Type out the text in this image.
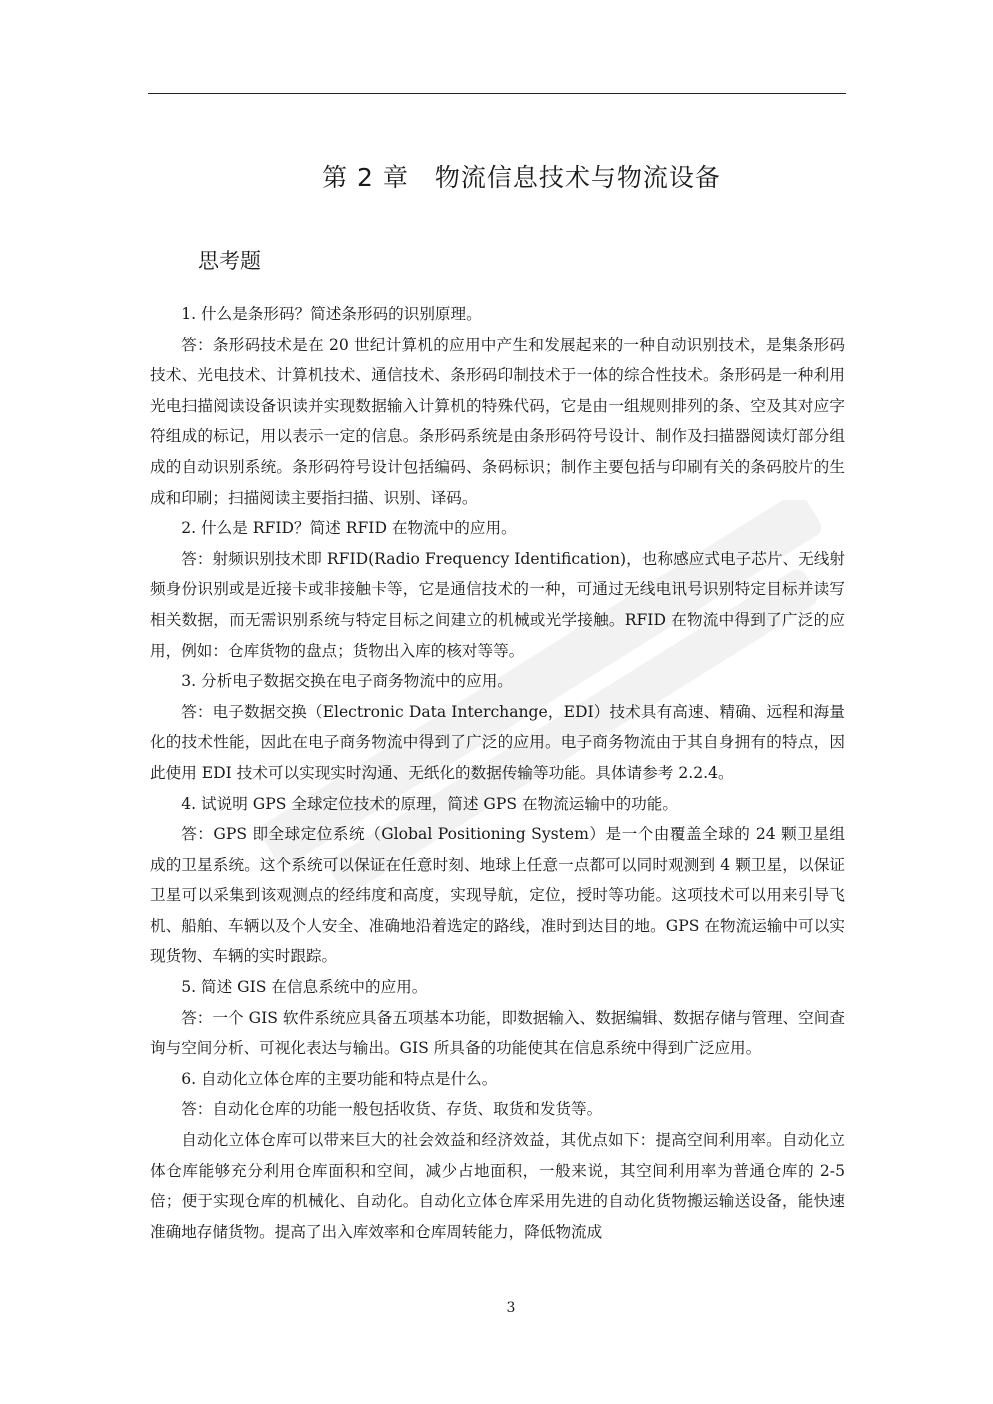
第 2 章　物流信息技术与物流设备
思考题

1. 什么是条形码？简述条形码的识别原理。

答：条形码技术是在 20 世纪计算机的应用中产生和发展起来的一种自动识别技术，是集条形码技术、光电技术、计算机技术、通信技术、条形码印制技术于一体的综合性技术。条形码是一种利用光电扫描阅读设备识读并实现数据输入计算机的特殊代码，它是由一组规则排列的条、空及其对应字符组成的标记，用以表示一定的信息。条形码系统是由条形码符号设计、制作及扫描器阅读灯部分组成的自动识别系统。条形码符号设计包括编码、条码标识；制作主要包括与印刷有关的条码胶片的生成和印刷；扫描阅读主要指扫描、识别、译码。

2. 什么是 RFID？简述 RFID 在物流中的应用。

答：射频识别技术即 RFID(Radio Frequency Identification)，也称感应式电子芯片、无线射频身份识别或是近接卡或非接触卡等，它是通信技术的一种，可通过无线电讯号识别特定目标并读写相关数据，而无需识别系统与特定目标之间建立的机械或光学接触。RFID 在物流中得到了广泛的应用，例如：仓库货物的盘点；货物出入库的核对等等。

3. 分析电子数据交换在电子商务物流中的应用。

答：电子数据交换（Electronic Data Interchange，EDI）技术具有高速、精确、远程和海量化的技术性能，因此在电子商务物流中得到了广泛的应用。电子商务物流由于其自身拥有的特点，因此使用 EDI 技术可以实现实时沟通、无纸化的数据传输等功能。具体请参考 2.2.4。

4. 试说明 GPS 全球定位技术的原理，简述 GPS 在物流运输中的功能。

答：GPS 即全球定位系统（Global Positioning System）是一个由覆盖全球的 24 颗卫星组成的卫星系统。这个系统可以保证在任意时刻、地球上任意一点都可以同时观测到 4 颗卫星，以保证卫星可以采集到该观测点的经纬度和高度，实现导航，定位，授时等功能。这项技术可以用来引导飞机、船舶、车辆以及个人安全、准确地沿着选定的路线，准时到达目的地。GPS 在物流运输中可以实现货物、车辆的实时跟踪。

5. 简述 GIS 在信息系统中的应用。

答：一个 GIS 软件系统应具备五项基本功能，即数据输入、数据编辑、数据存储与管理、空间查询与空间分析、可视化表达与输出。GIS 所具备的功能使其在信息系统中得到广泛应用。

6. 自动化立体仓库的主要功能和特点是什么。

答：自动化仓库的功能一般包括收货、存货、取货和发货等。

自动化立体仓库可以带来巨大的社会效益和经济效益，其优点如下：提高空间利用率。自动化立体仓库能够充分利用仓库面积和空间，减少占地面积，一般来说，其空间利用率为普通仓库的 2-5 倍；便于实现仓库的机械化、自动化。自动化立体仓库采用先进的自动化货物搬运输送设备，能快速准确地存储货物。提高了出入库效率和仓库周转能力，降低物流成

3
